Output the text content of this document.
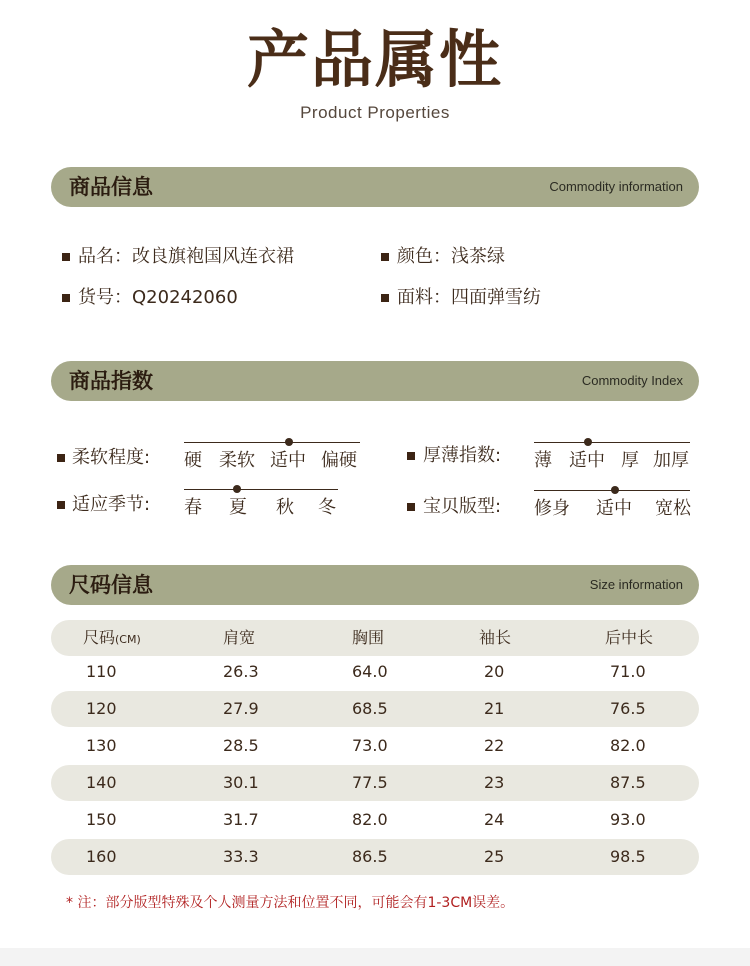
产品属性
Product Properties
商品信息	Commodity information
品名：改良旗袍国风连衣裙	颜色：浅茶绿
货号：Q20242060	面料：四面弹雪纺
商品指数	Commodity Index
柔软程度: 硬 柔软 适中 偏硬	厚薄指数: 薄 适中 厚 加厚
适应季节: 春 夏 秋 冬	宝贝版型: 修身 适中 宽松
尺码信息	Size information
尺码(CM)	肩宽	胸围	袖长	后中长
110	26.3	64.0	20	71.0
120	27.9	68.5	21	76.5
130	28.5	73.0	22	82.0
140	30.1	77.5	23	87.5
150	31.7	82.0	24	93.0
160	33.3	86.5	25	98.5
* 注：部分版型特殊及个人测量方法和位置不同，可能会有1-3CM误差。
